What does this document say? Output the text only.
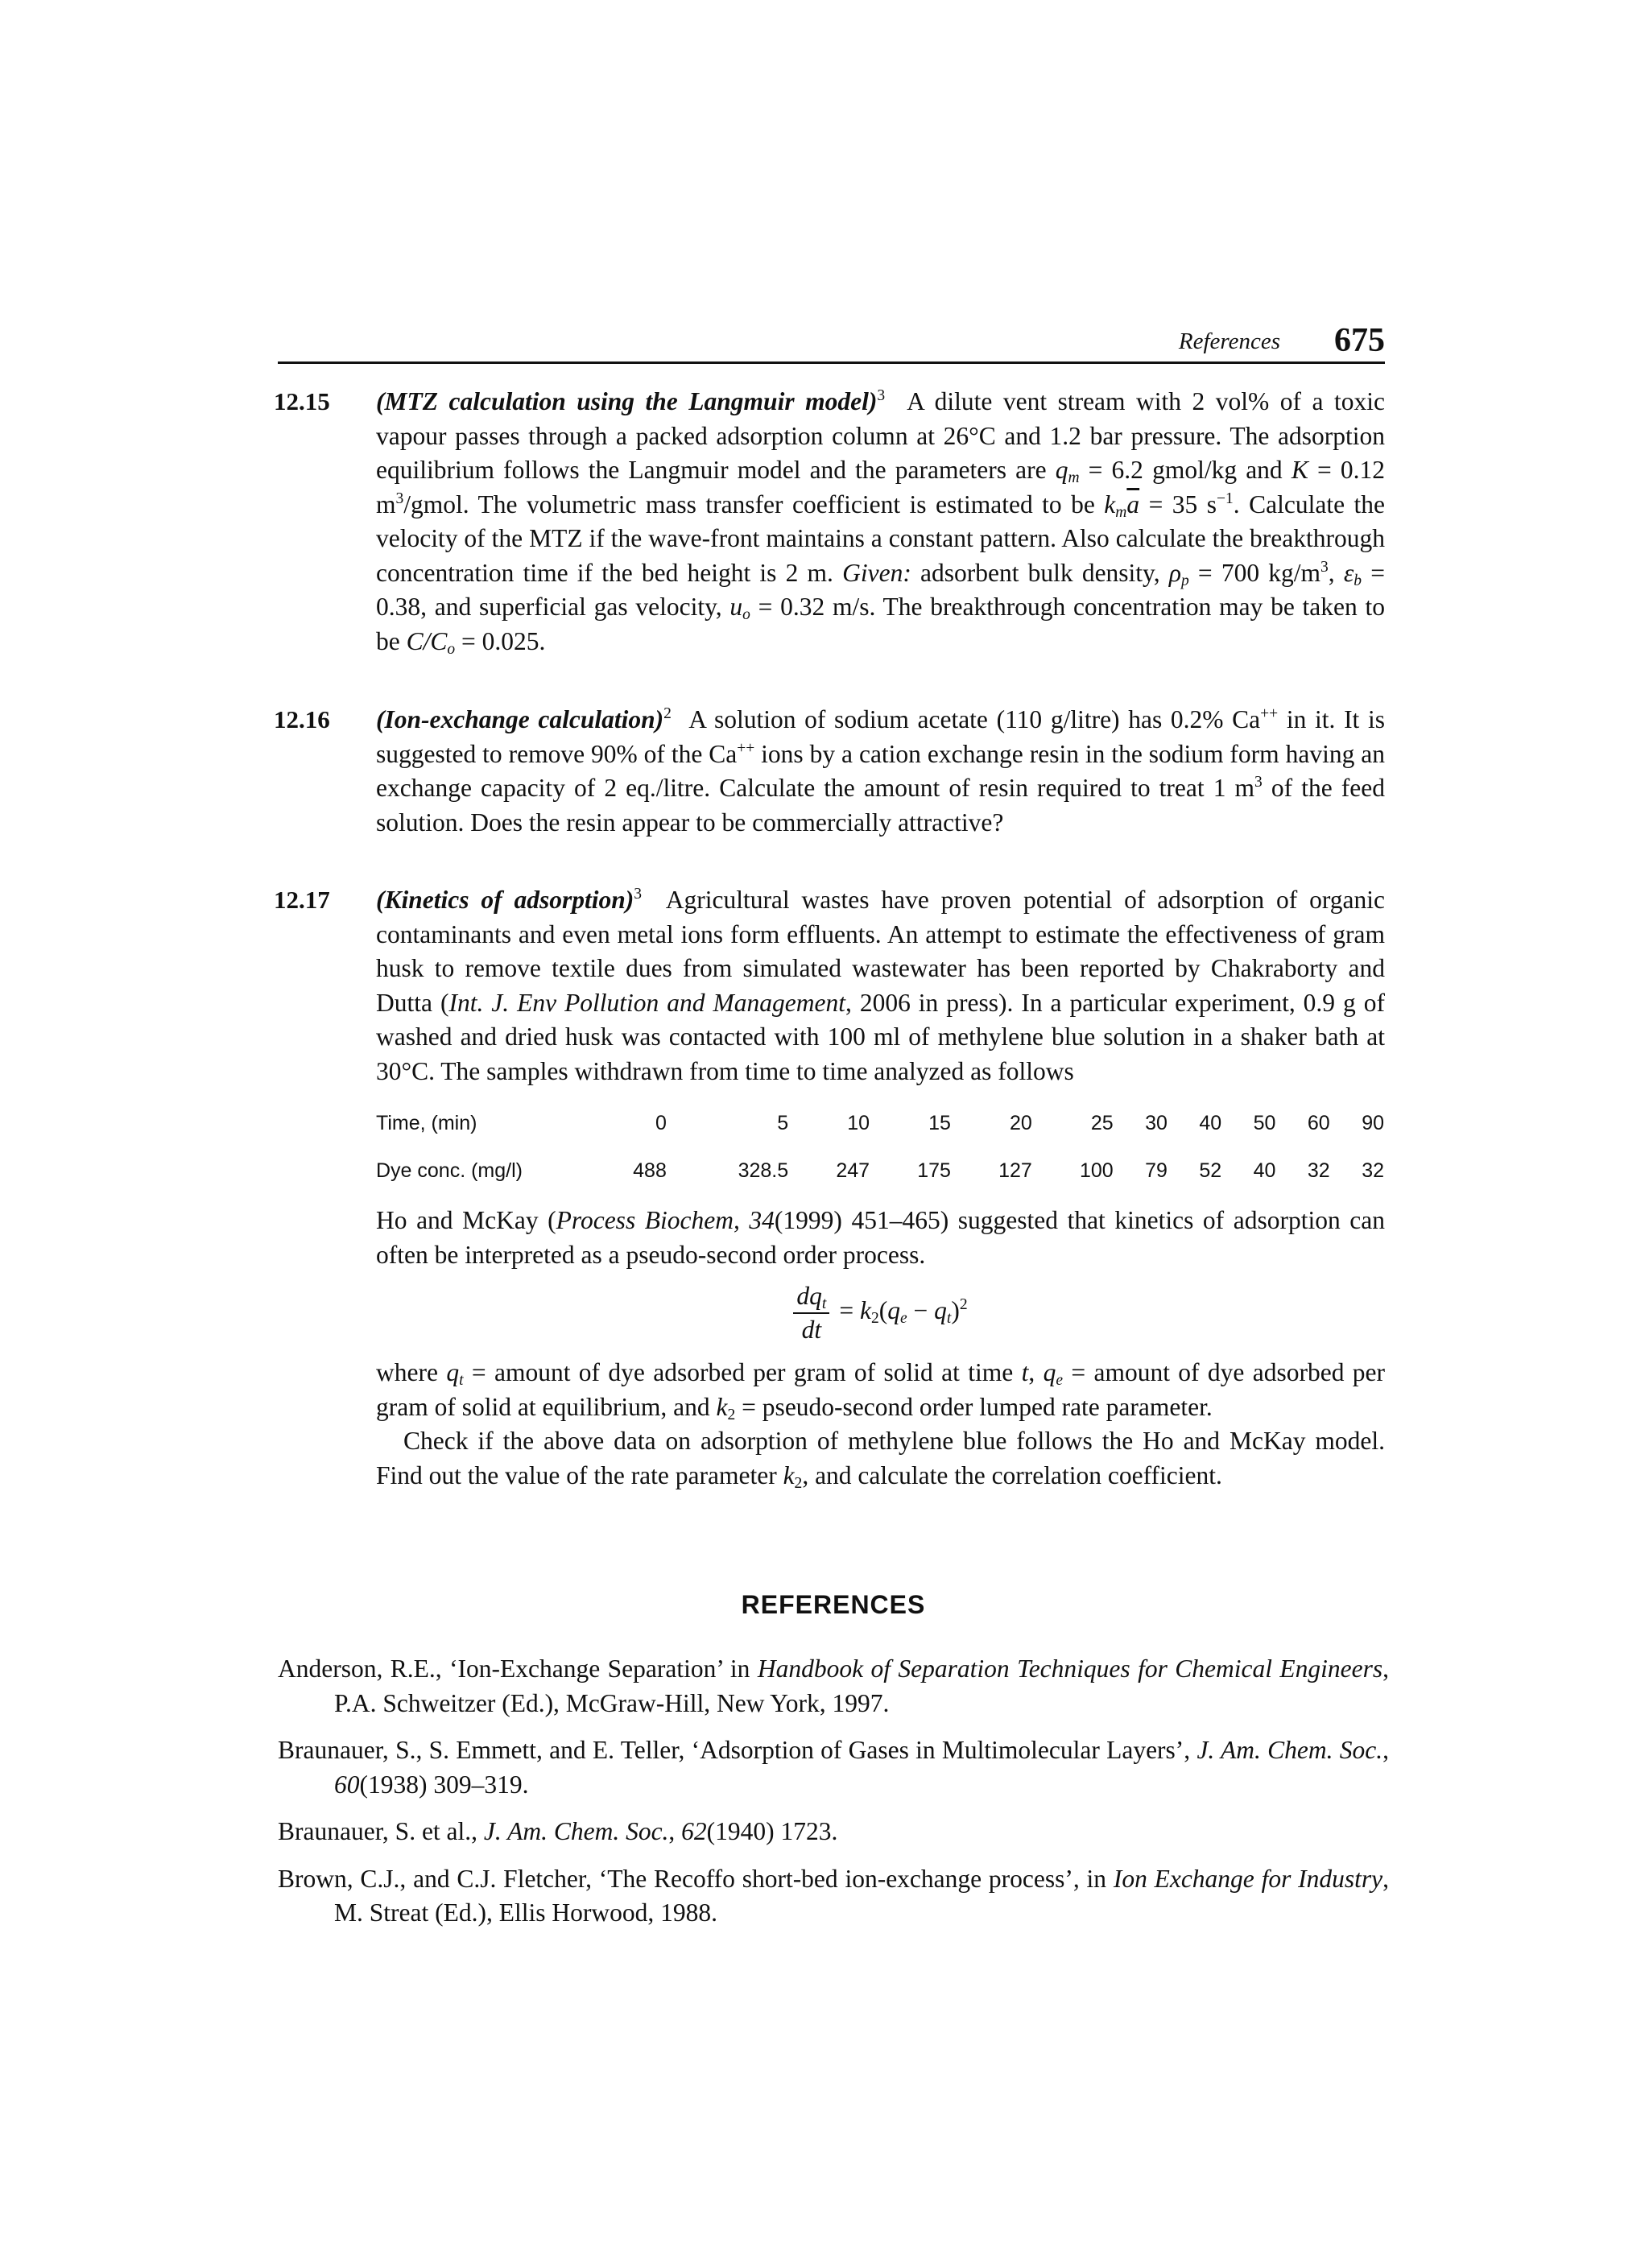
References 675
12.15 (MTZ calculation using the Langmuir model)$^3$ A dilute vent stream with 2 vol% of a toxic vapour passes through a packed adsorption column at 26°C and 1.2 bar pressure. The adsorption equilibrium follows the Langmuir model and the parameters are $q_m = 6.2$ gmol/kg and K = 0.12 $m^3$/gmol. The volumetric mass transfer coefficient is estimated to be $k_m\overline{a} = 35$ $s^{-1}$. Calculate the velocity of the MTZ if the wave-front maintains a constant pattern. Also calculate the breakthrough concentration time if the bed height is 2 m. Given: adsorbent bulk density, $\rho_p = 700$ $kg/m^3$, $\varepsilon_b = 0.38$, and superficial gas velocity, $u_o = 0.32$ m/s. The breakthrough concentration may be taken to be $C/C_o = 0.025$.

12.16 (Ion-exchange calculation)$^2$ A solution of sodium acetate (110 g/litre) has 0.2% Ca++ in it. It is suggested to remove 90% of the Ca++ ions by a cation exchange resin in the sodium form having an exchange capacity of 2 eq./litre. Calculate the amount of resin required to treat 1 $m^3$ of the feed solution. Does the resin appear to be commercially attractive?

12.17 (Kinetics of adsorption)$^3$ Agricultural wastes have proven potential of adsorption of organic contaminants and even metal ions form effluents. An attempt to estimate the effectiveness of gram husk to remove textile dues from simulated wastewater has been reported by Chakraborty and Dutta (Int. J. Env Pollution and Management, 2006 in press). In a particular experiment, 0.9 g of washed and dried husk was contacted with 100 ml of methylene blue solution in a shaker bath at 30°C. The samples withdrawn from time to time analyzed as follows

Time, (min)	0	5	10	15	20	25	30	40	50	60	90
Dye conc. (mg/l)	488	328.5	247	175	127	100	79	52	40	32	32

Ho and McKay (Process Biochem, 34(1999) 451–465) suggested that kinetics of adsorption can often be interpreted as a pseudo-second order process.

$\frac{dq_t}{dt} = k_2(q_e - q_t)^2$

where $q_t$ = amount of dye adsorbed per gram of solid at time t, $q_e$ = amount of dye adsorbed per gram of solid at equilibrium, and $k_2$ = pseudo-second order lumped rate parameter.

Check if the above data on adsorption of methylene blue follows the Ho and McKay model. Find out the value of the rate parameter $k_2$, and calculate the correlation coefficient.

REFERENCES

Anderson, R.E., ‘Ion-Exchange Separation’ in Handbook of Separation Techniques for Chemical Engineers, P.A. Schweitzer (Ed.), McGraw-Hill, New York, 1997.

Braunauer, S., S. Emmett, and E. Teller, ‘Adsorption of Gases in Multimolecular Layers’, J. Am. Chem. Soc., 60(1938) 309–319.

Braunauer, S. et al., J. Am. Chem. Soc., 62(1940) 1723.

Brown, C.J., and C.J. Fletcher, ‘The Recoffo short-bed ion-exchange process’, in Ion Exchange for Industry, M. Streat (Ed.), Ellis Horwood, 1988.
